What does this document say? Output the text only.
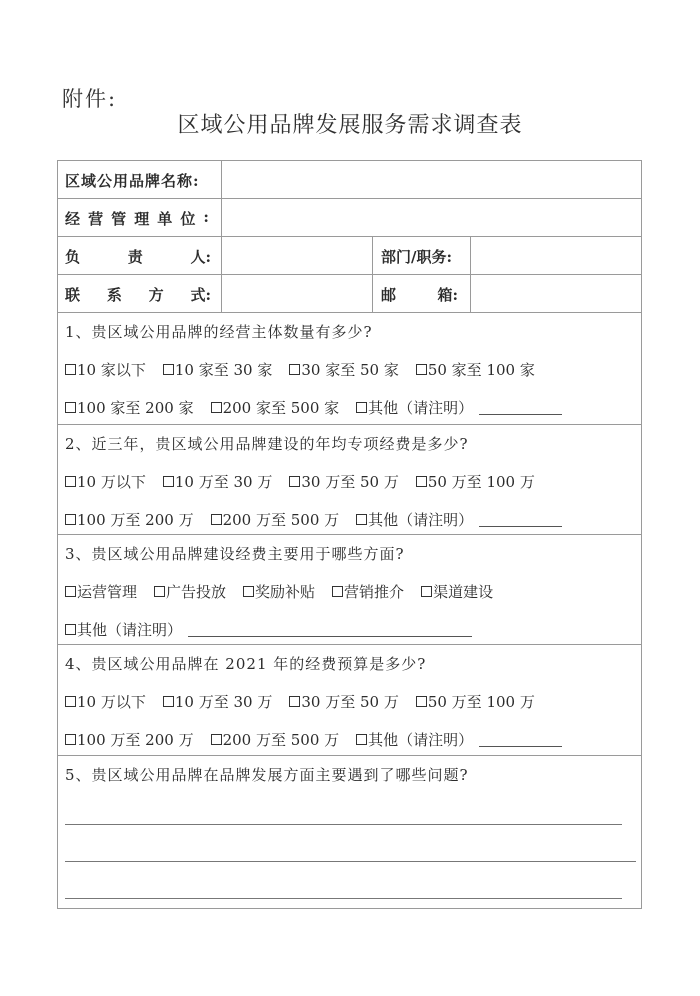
附件:
区域公用品牌发展服务需求调查表
区域公用品牌名称:
经 营 管 理 单 位 :
负	责	人:	部门/职务:
联 系 方 式:	邮	箱:
1、贵区域公用品牌的经营主体数量有多少?
10 家以下 10 家至 30 家 30 家至 50 家 50 家至 100 家
100 家至 200 家 200 家至 500 家 其他（请注明）
2、近三年，贵区域公用品牌建设的年均专项经费是多少?
10 万以下 10 万至 30 万 30 万至 50 万 50 万至 100 万
100 万至 200 万 200 万至 500 万 其他（请注明）
3、贵区域公用品牌建设经费主要用于哪些方面?
运营管理 广告投放 奖励补贴 营销推介 渠道建设
其他（请注明）
4、贵区域公用品牌在 2021 年的经费预算是多少?
10 万以下 10 万至 30 万 30 万至 50 万 50 万至 100 万
100 万至 200 万 200 万至 500 万 其他（请注明）
5、贵区域公用品牌在品牌发展方面主要遇到了哪些问题?
